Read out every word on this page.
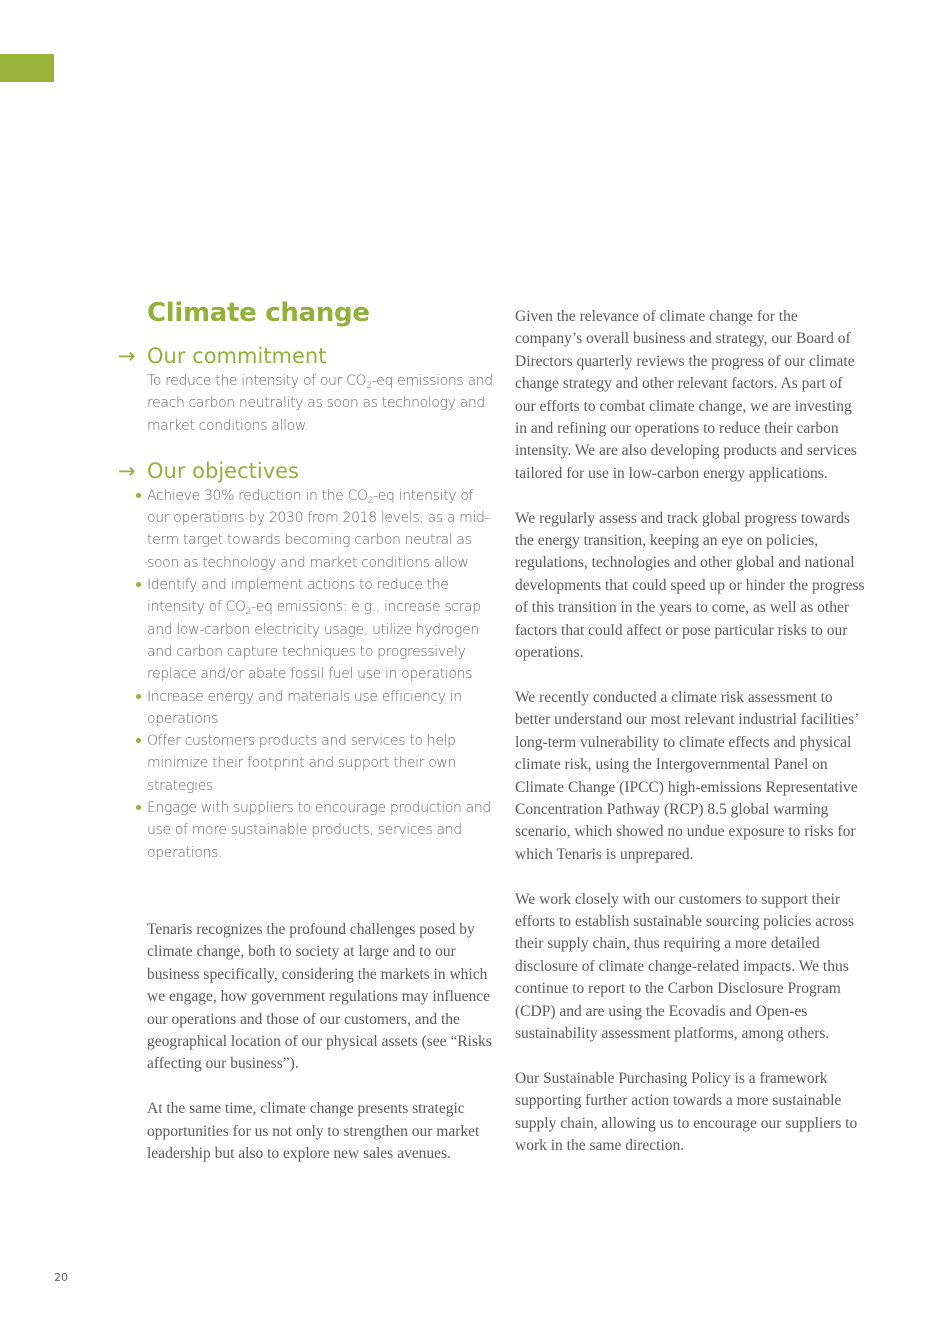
Climate change
→ Our commitment

To reduce the intensity of our $CO_2-eq$ emissions and reach carbon neutrality as soon as technology and market conditions allow.

→ Our objectives
Achieve 30% reduction in the $CO_2-eq$ intensity of our operations by 2030 from 2018 levels, as a mid-term target towards becoming carbon neutral as soon as technology and market conditions allow
Identify and implement actions to reduce the intensity of $CO_2-eq$ emissions: e.g., increase scrap and low-carbon electricity usage, utilize hydrogen and carbon capture techniques to progressively replace and/or abate fossil fuel use in operations
Increase energy and materials use efficiency in operations
Offer customers products and services to help minimize their footprint and support their own strategies
Engage with suppliers to encourage production and use of more sustainable products, services and operations.

Tenaris recognizes the profound challenges posed by climate change, both to society at large and to our business specifically, considering the markets in which we engage, how government regulations may influence our operations and those of our customers, and the geographical location of our physical assets (see “Risks affecting our business”).

At the same time, climate change presents strategic opportunities for us not only to strengthen our market leadership but also to explore new sales avenues.

Given the relevance of climate change for the company’s overall business and strategy, our Board of Directors quarterly reviews the progress of our climate change strategy and other relevant factors. As part of our efforts to combat climate change, we are investing in and refining our operations to reduce their carbon intensity. We are also developing products and services tailored for use in low-carbon energy applications.

We regularly assess and track global progress towards the energy transition, keeping an eye on policies, regulations, technologies and other global and national developments that could speed up or hinder the progress of this transition in the years to come, as well as other factors that could affect or pose particular risks to our operations.

We recently conducted a climate risk assessment to better understand our most relevant industrial facilities’ long-term vulnerability to climate effects and physical climate risk, using the Intergovernmental Panel on Climate Change (IPCC) high-emissions Representative Concentration Pathway (RCP) 8.5 global warming scenario, which showed no undue exposure to risks for which Tenaris is unprepared.

We work closely with our customers to support their efforts to establish sustainable sourcing policies across their supply chain, thus requiring a more detailed disclosure of climate change-related impacts. We thus continue to report to the Carbon Disclosure Program (CDP) and are using the Ecovadis and Open-es sustainability assessment platforms, among others.

Our Sustainable Purchasing Policy is a framework supporting further action towards a more sustainable supply chain, allowing us to encourage our suppliers to work in the same direction.

20
